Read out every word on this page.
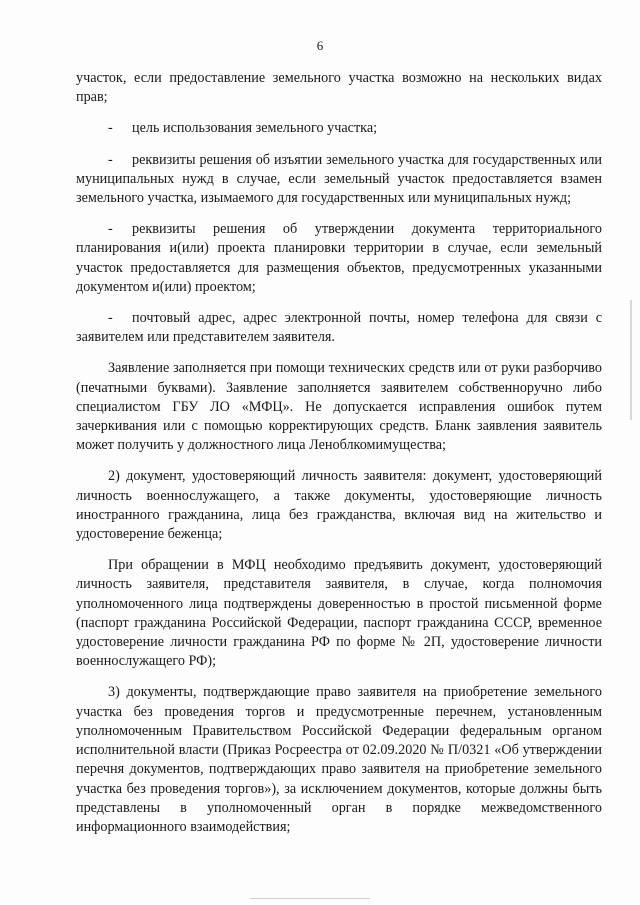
6

участок, если предоставление земельного участка возможно на нескольких видах прав;

- цель использования земельного участка;

- реквизиты решения об изъятии земельного участка для государственных или муниципальных нужд в случае, если земельный участок предоставляется взамен земельного участка, изымаемого для государственных или муниципальных нужд;

- реквизиты решения об утверждении документа территориального планирования и(или) проекта планировки территории в случае, если земельный участок предоставляется для размещения объектов, предусмотренных указанными документом и(или) проектом;

- почтовый адрес, адрес электронной почты, номер телефона для связи с заявителем или представителем заявителя.

Заявление заполняется при помощи технических средств или от руки разборчиво (печатными буквами). Заявление заполняется заявителем собственноручно либо специалистом ГБУ ЛО «МФЦ». Не допускается исправления ошибок путем зачеркивания или с помощью корректирующих средств. Бланк заявления заявитель может получить у должностного лица Леноблкомимущества;

2) документ, удостоверяющий личность заявителя: документ, удостоверяющий личность военнослужащего, а также документы, удостоверяющие личность иностранного гражданина, лица без гражданства, включая вид на жительство и удостоверение беженца;

При обращении в МФЦ необходимо предъявить документ, удостоверяющий личность заявителя, представителя заявителя, в случае, когда полномочия уполномоченного лица подтверждены доверенностью в простой письменной форме (паспорт гражданина Российской Федерации, паспорт гражданина СССР, временное удостоверение личности гражданина РФ по форме № 2П, удостоверение личности военнослужащего РФ);

3) документы, подтверждающие право заявителя на приобретение земельного участка без проведения торгов и предусмотренные перечнем, установленным уполномоченным Правительством Российской Федерации федеральным органом исполнительной власти (Приказ Росреестра от 02.09.2020 № П/0321 «Об утверждении перечня документов, подтверждающих право заявителя на приобретение земельного участка без проведения торгов»), за исключением документов, которые должны быть представлены в уполномоченный орган в порядке межведомственного информационного взаимодействия;
